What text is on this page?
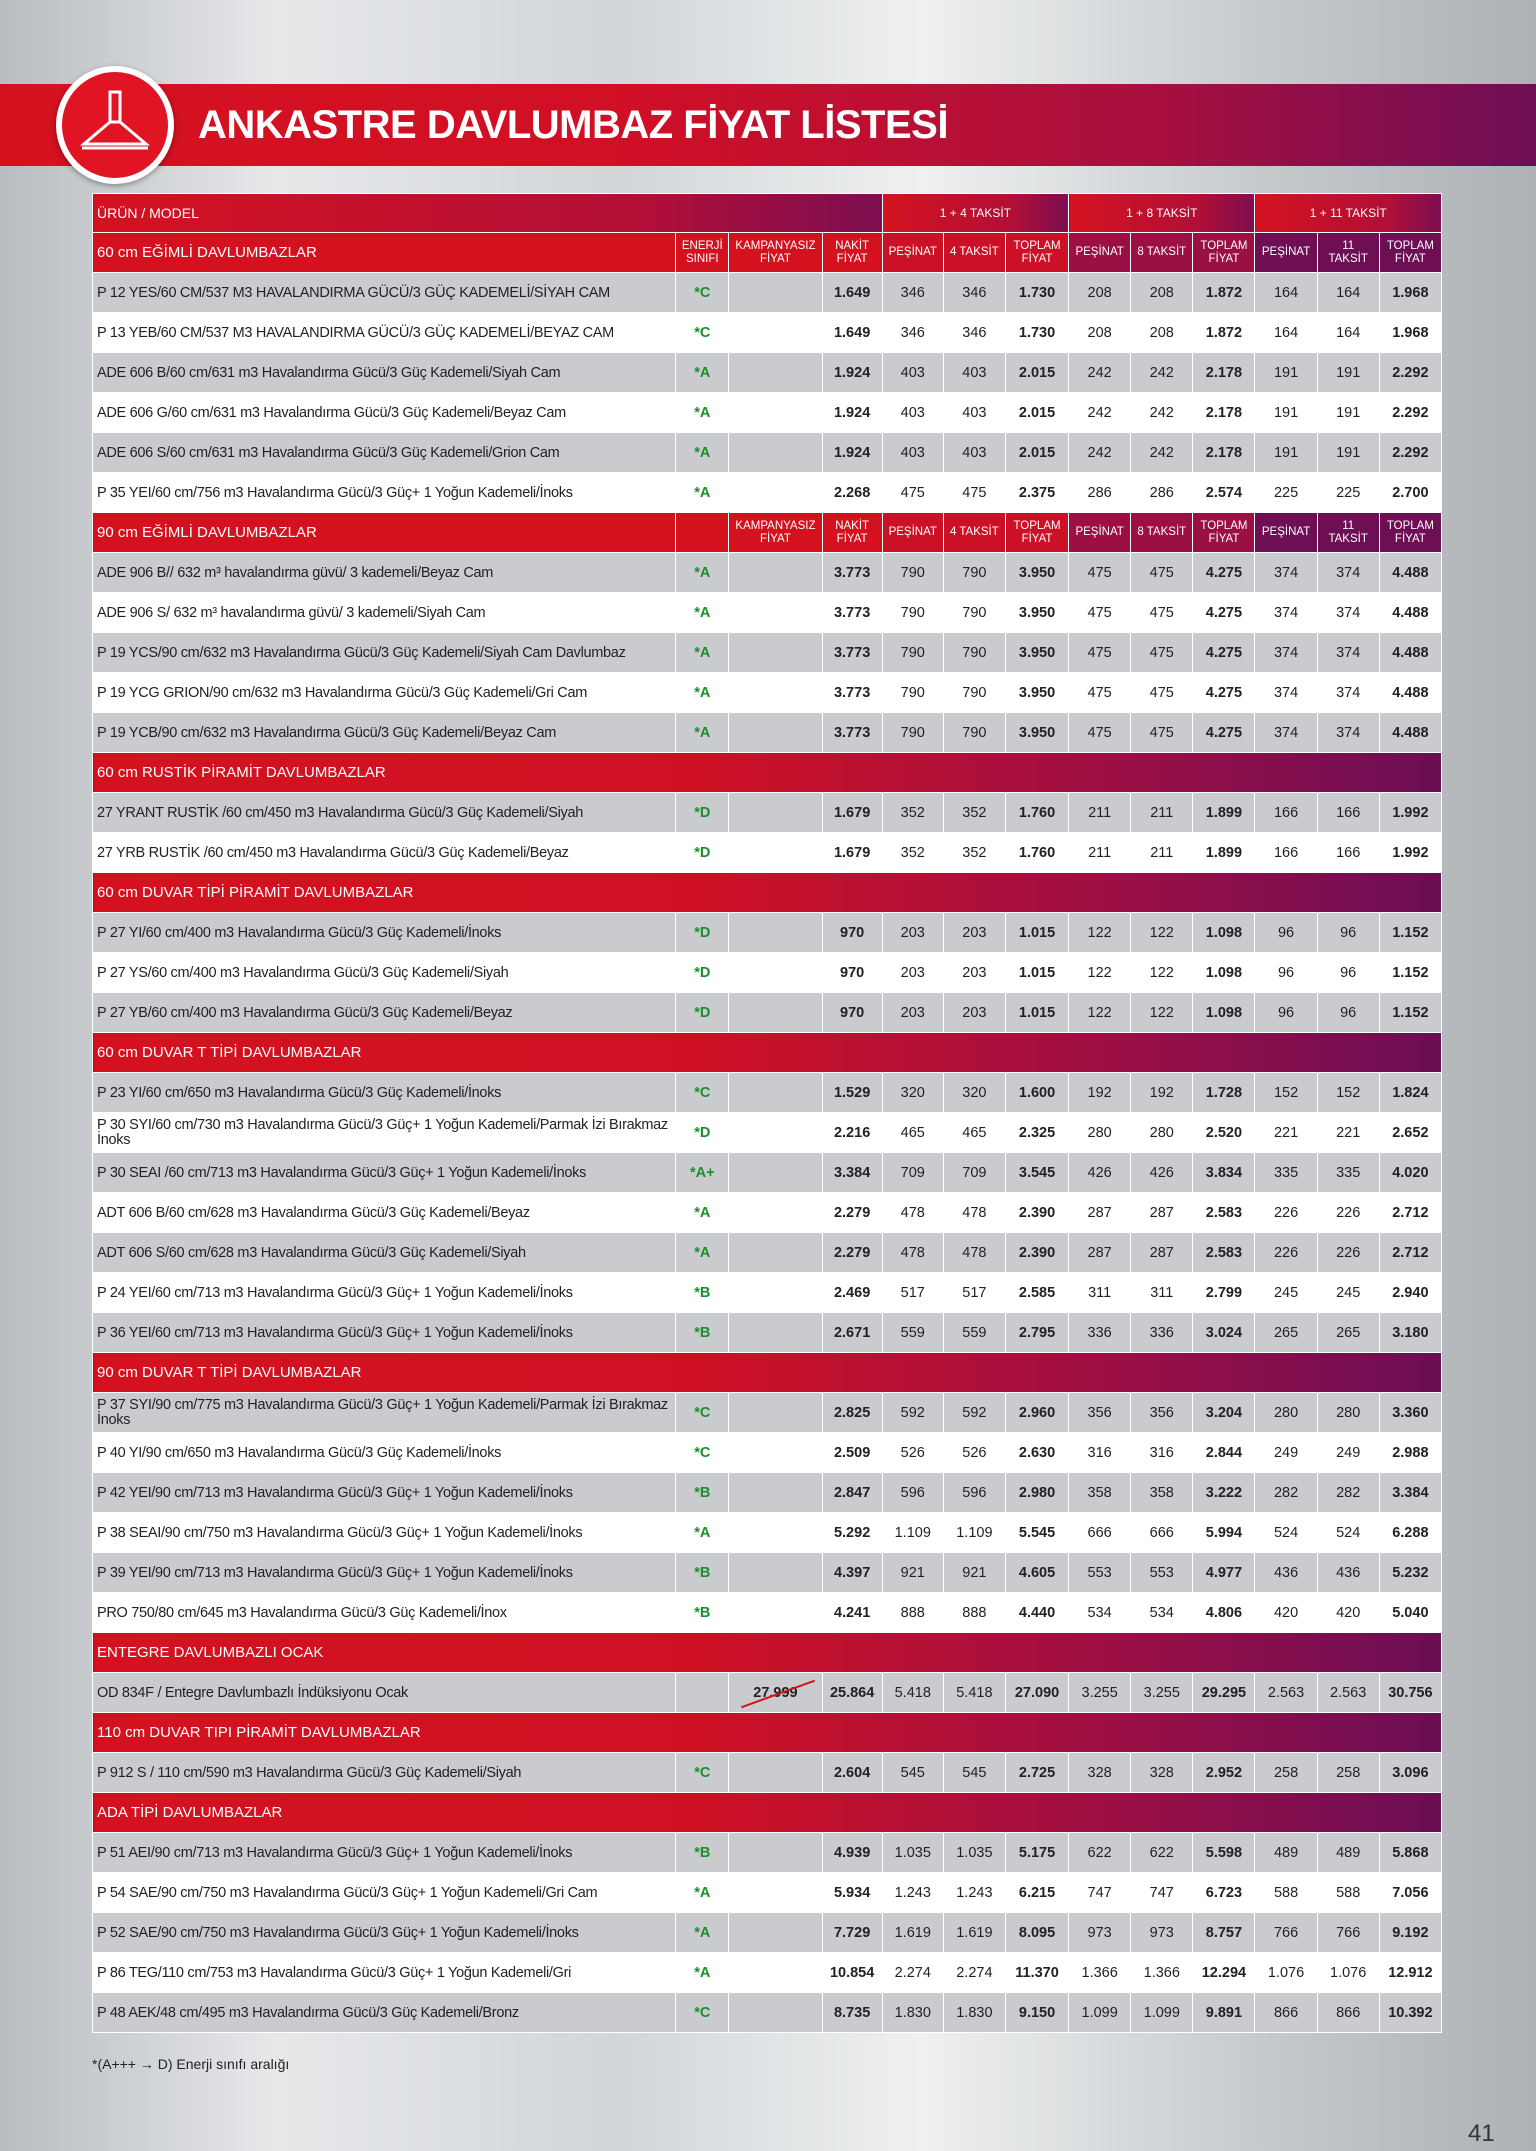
ANKASTRE DAVLUMBAZ FİYAT LİSTESİ
ÜRÜN / MODEL				1 + 4 TAKSİT			1 + 8 TAKSİT			1 + 11 TAKSİT		
60 cm EĞİMLİ DAVLUMBAZLAR	ENERJİ SINIFI	KAMPANYASIZ FİYAT	NAKİT FİYAT	PEŞİNAT	4 TAKSİT	TOPLAM FİYAT	PEŞİNAT	8 TAKSİT	TOPLAM FİYAT	PEŞİNAT	11 TAKSİT	TOPLAM FİYAT
P 12 YES/60 CM/537 M3 HAVALANDIRMA GÜCÜ/3 GÜÇ KADEMELİ/SİYAH CAM	*C		1.649	346	346	1.730	208	208	1.872	164	164	1.968
P 13 YEB/60 CM/537 M3 HAVALANDIRMA GÜCÜ/3 GÜÇ KADEMELİ/BEYAZ CAM	*C		1.649	346	346	1.730	208	208	1.872	164	164	1.968
ADE 606 B/60 cm/631 m3 Havalandırma Gücü/3 Güç Kademeli/Siyah Cam	*A		1.924	403	403	2.015	242	242	2.178	191	191	2.292
ADE 606 G/60 cm/631 m3 Havalandırma Gücü/3 Güç Kademeli/Beyaz Cam	*A		1.924	403	403	2.015	242	242	2.178	191	191	2.292
ADE 606 S/60 cm/631 m3 Havalandırma Gücü/3 Güç Kademeli/Grion Cam	*A		1.924	403	403	2.015	242	242	2.178	191	191	2.292
P 35 YEI/60 cm/756 m3 Havalandırma Gücü/3 Güç+ 1 Yoğun Kademeli/İnoks	*A		2.268	475	475	2.375	286	286	2.574	225	225	2.700
90 cm EĞİMLİ DAVLUMBAZLAR		KAMPANYASIZ FİYAT	NAKİT FİYAT	PEŞİNAT	4 TAKSİT	TOPLAM FİYAT	PEŞİNAT	8 TAKSİT	TOPLAM FİYAT	PEŞİNAT	11 TAKSİT	TOPLAM FİYAT
ADE 906 B// 632 m³ havalandırma güvü/ 3 kademeli/Beyaz Cam	*A		3.773	790	790	3.950	475	475	4.275	374	374	4.488
ADE 906 S/ 632 m³ havalandırma güvü/ 3 kademeli/Siyah Cam	*A		3.773	790	790	3.950	475	475	4.275	374	374	4.488
P 19 YCS/90 cm/632 m3 Havalandırma Gücü/3 Güç Kademeli/Siyah Cam Davlumbaz	*A		3.773	790	790	3.950	475	475	4.275	374	374	4.488
P 19 YCG GRION/90 cm/632 m3 Havalandırma Gücü/3 Güç Kademeli/Gri Cam	*A		3.773	790	790	3.950	475	475	4.275	374	374	4.488
P 19 YCB/90 cm/632 m3 Havalandırma Gücü/3 Güç Kademeli/Beyaz Cam	*A		3.773	790	790	3.950	475	475	4.275	374	374	4.488
60 cm RUSTİK PİRAMİT DAVLUMBAZLAR												
27 YRANT RUSTİK /60 cm/450 m3 Havalandırma Gücü/3 Güç Kademeli/Siyah	*D		1.679	352	352	1.760	211	211	1.899	166	166	1.992
27 YRB RUSTİK /60 cm/450 m3 Havalandırma Gücü/3 Güç Kademeli/Beyaz	*D		1.679	352	352	1.760	211	211	1.899	166	166	1.992
60 cm DUVAR TİPİ PİRAMİT DAVLUMBAZLAR												
P 27 YI/60 cm/400 m3 Havalandırma Gücü/3 Güç Kademeli/İnoks	*D		970	203	203	1.015	122	122	1.098	96	96	1.152
P 27 YS/60 cm/400 m3 Havalandırma Gücü/3 Güç Kademeli/Siyah	*D		970	203	203	1.015	122	122	1.098	96	96	1.152
P 27 YB/60 cm/400 m3 Havalandırma Gücü/3 Güç Kademeli/Beyaz	*D		970	203	203	1.015	122	122	1.098	96	96	1.152
60 cm DUVAR T TİPİ DAVLUMBAZLAR												
P 23 YI/60 cm/650 m3 Havalandırma Gücü/3 Güç Kademeli/İnoks	*C		1.529	320	320	1.600	192	192	1.728	152	152	1.824
P 30 SYI/60 cm/730 m3 Havalandırma Gücü/3 Güç+ 1 Yoğun Kademeli/Parmak İzi Bırakmaz İnoks	*D		2.216	465	465	2.325	280	280	2.520	221	221	2.652
P 30 SEAI /60 cm/713 m3 Havalandırma Gücü/3 Güç+ 1 Yoğun Kademeli/İnoks	*A+		3.384	709	709	3.545	426	426	3.834	335	335	4.020
ADT 606 B/60 cm/628 m3 Havalandırma Gücü/3 Güç Kademeli/Beyaz	*A		2.279	478	478	2.390	287	287	2.583	226	226	2.712
ADT 606 S/60 cm/628 m3 Havalandırma Gücü/3 Güç Kademeli/Siyah	*A		2.279	478	478	2.390	287	287	2.583	226	226	2.712
P 24 YEI/60 cm/713 m3 Havalandırma Gücü/3 Güç+ 1 Yoğun Kademeli/İnoks	*B		2.469	517	517	2.585	311	311	2.799	245	245	2.940
P 36 YEI/60 cm/713 m3 Havalandırma Gücü/3 Güç+ 1 Yoğun Kademeli/İnoks	*B		2.671	559	559	2.795	336	336	3.024	265	265	3.180
90 cm DUVAR T TİPİ DAVLUMBAZLAR												
P 37 SYI/90 cm/775 m3 Havalandırma Gücü/3 Güç+ 1 Yoğun Kademeli/Parmak İzi Bırakmaz İnoks	*C		2.825	592	592	2.960	356	356	3.204	280	280	3.360
P 40 YI/90 cm/650 m3 Havalandırma Gücü/3 Güç Kademeli/İnoks	*C		2.509	526	526	2.630	316	316	2.844	249	249	2.988
P 42 YEI/90 cm/713 m3 Havalandırma Gücü/3 Güç+ 1 Yoğun Kademeli/İnoks	*B		2.847	596	596	2.980	358	358	3.222	282	282	3.384
P 38 SEAI/90 cm/750 m3 Havalandırma Gücü/3 Güç+ 1 Yoğun Kademeli/İnoks	*A		5.292	1.109	1.109	5.545	666	666	5.994	524	524	6.288
P 39 YEI/90 cm/713 m3 Havalandırma Gücü/3 Güç+ 1 Yoğun Kademeli/İnoks	*B		4.397	921	921	4.605	553	553	4.977	436	436	5.232
PRO 750/80 cm/645 m3 Havalandırma Gücü/3 Güç Kademeli/İnox	*B		4.241	888	888	4.440	534	534	4.806	420	420	5.040
ENTEGRE DAVLUMBAZLI OCAK												
OD 834F / Entegre Davlumbazlı İndüksiyonu Ocak		27.999	25.864	5.418	5.418	27.090	3.255	3.255	29.295	2.563	2.563	30.756
110 cm DUVAR TIPI PİRAMİT DAVLUMBAZLAR												
P 912 S / 110 cm/590 m3 Havalandırma Gücü/3 Güç Kademeli/Siyah	*C		2.604	545	545	2.725	328	328	2.952	258	258	3.096
ADA TİPİ DAVLUMBAZLAR												
P 51 AEI/90 cm/713 m3 Havalandırma Gücü/3 Güç+ 1 Yoğun Kademeli/İnoks	*B		4.939	1.035	1.035	5.175	622	622	5.598	489	489	5.868
P 54 SAE/90 cm/750 m3 Havalandırma Gücü/3 Güç+ 1 Yoğun Kademeli/Gri Cam	*A		5.934	1.243	1.243	6.215	747	747	6.723	588	588	7.056
P 52 SAE/90 cm/750 m3 Havalandırma Gücü/3 Güç+ 1 Yoğun Kademeli/İnoks	*A		7.729	1.619	1.619	8.095	973	973	8.757	766	766	9.192
P 86 TEG/110 cm/753 m3 Havalandırma Gücü/3 Güç+ 1 Yoğun Kademeli/Gri	*A		10.854	2.274	2.274	11.370	1.366	1.366	12.294	1.076	1.076	12.912
P 48 AEK/48 cm/495 m3 Havalandırma Gücü/3 Güç Kademeli/Bronz	*C		8.735	1.830	1.830	9.150	1.099	1.099	9.891	866	866	10.392
*(A+++ → D) Enerji sınıfı aralığı
41
